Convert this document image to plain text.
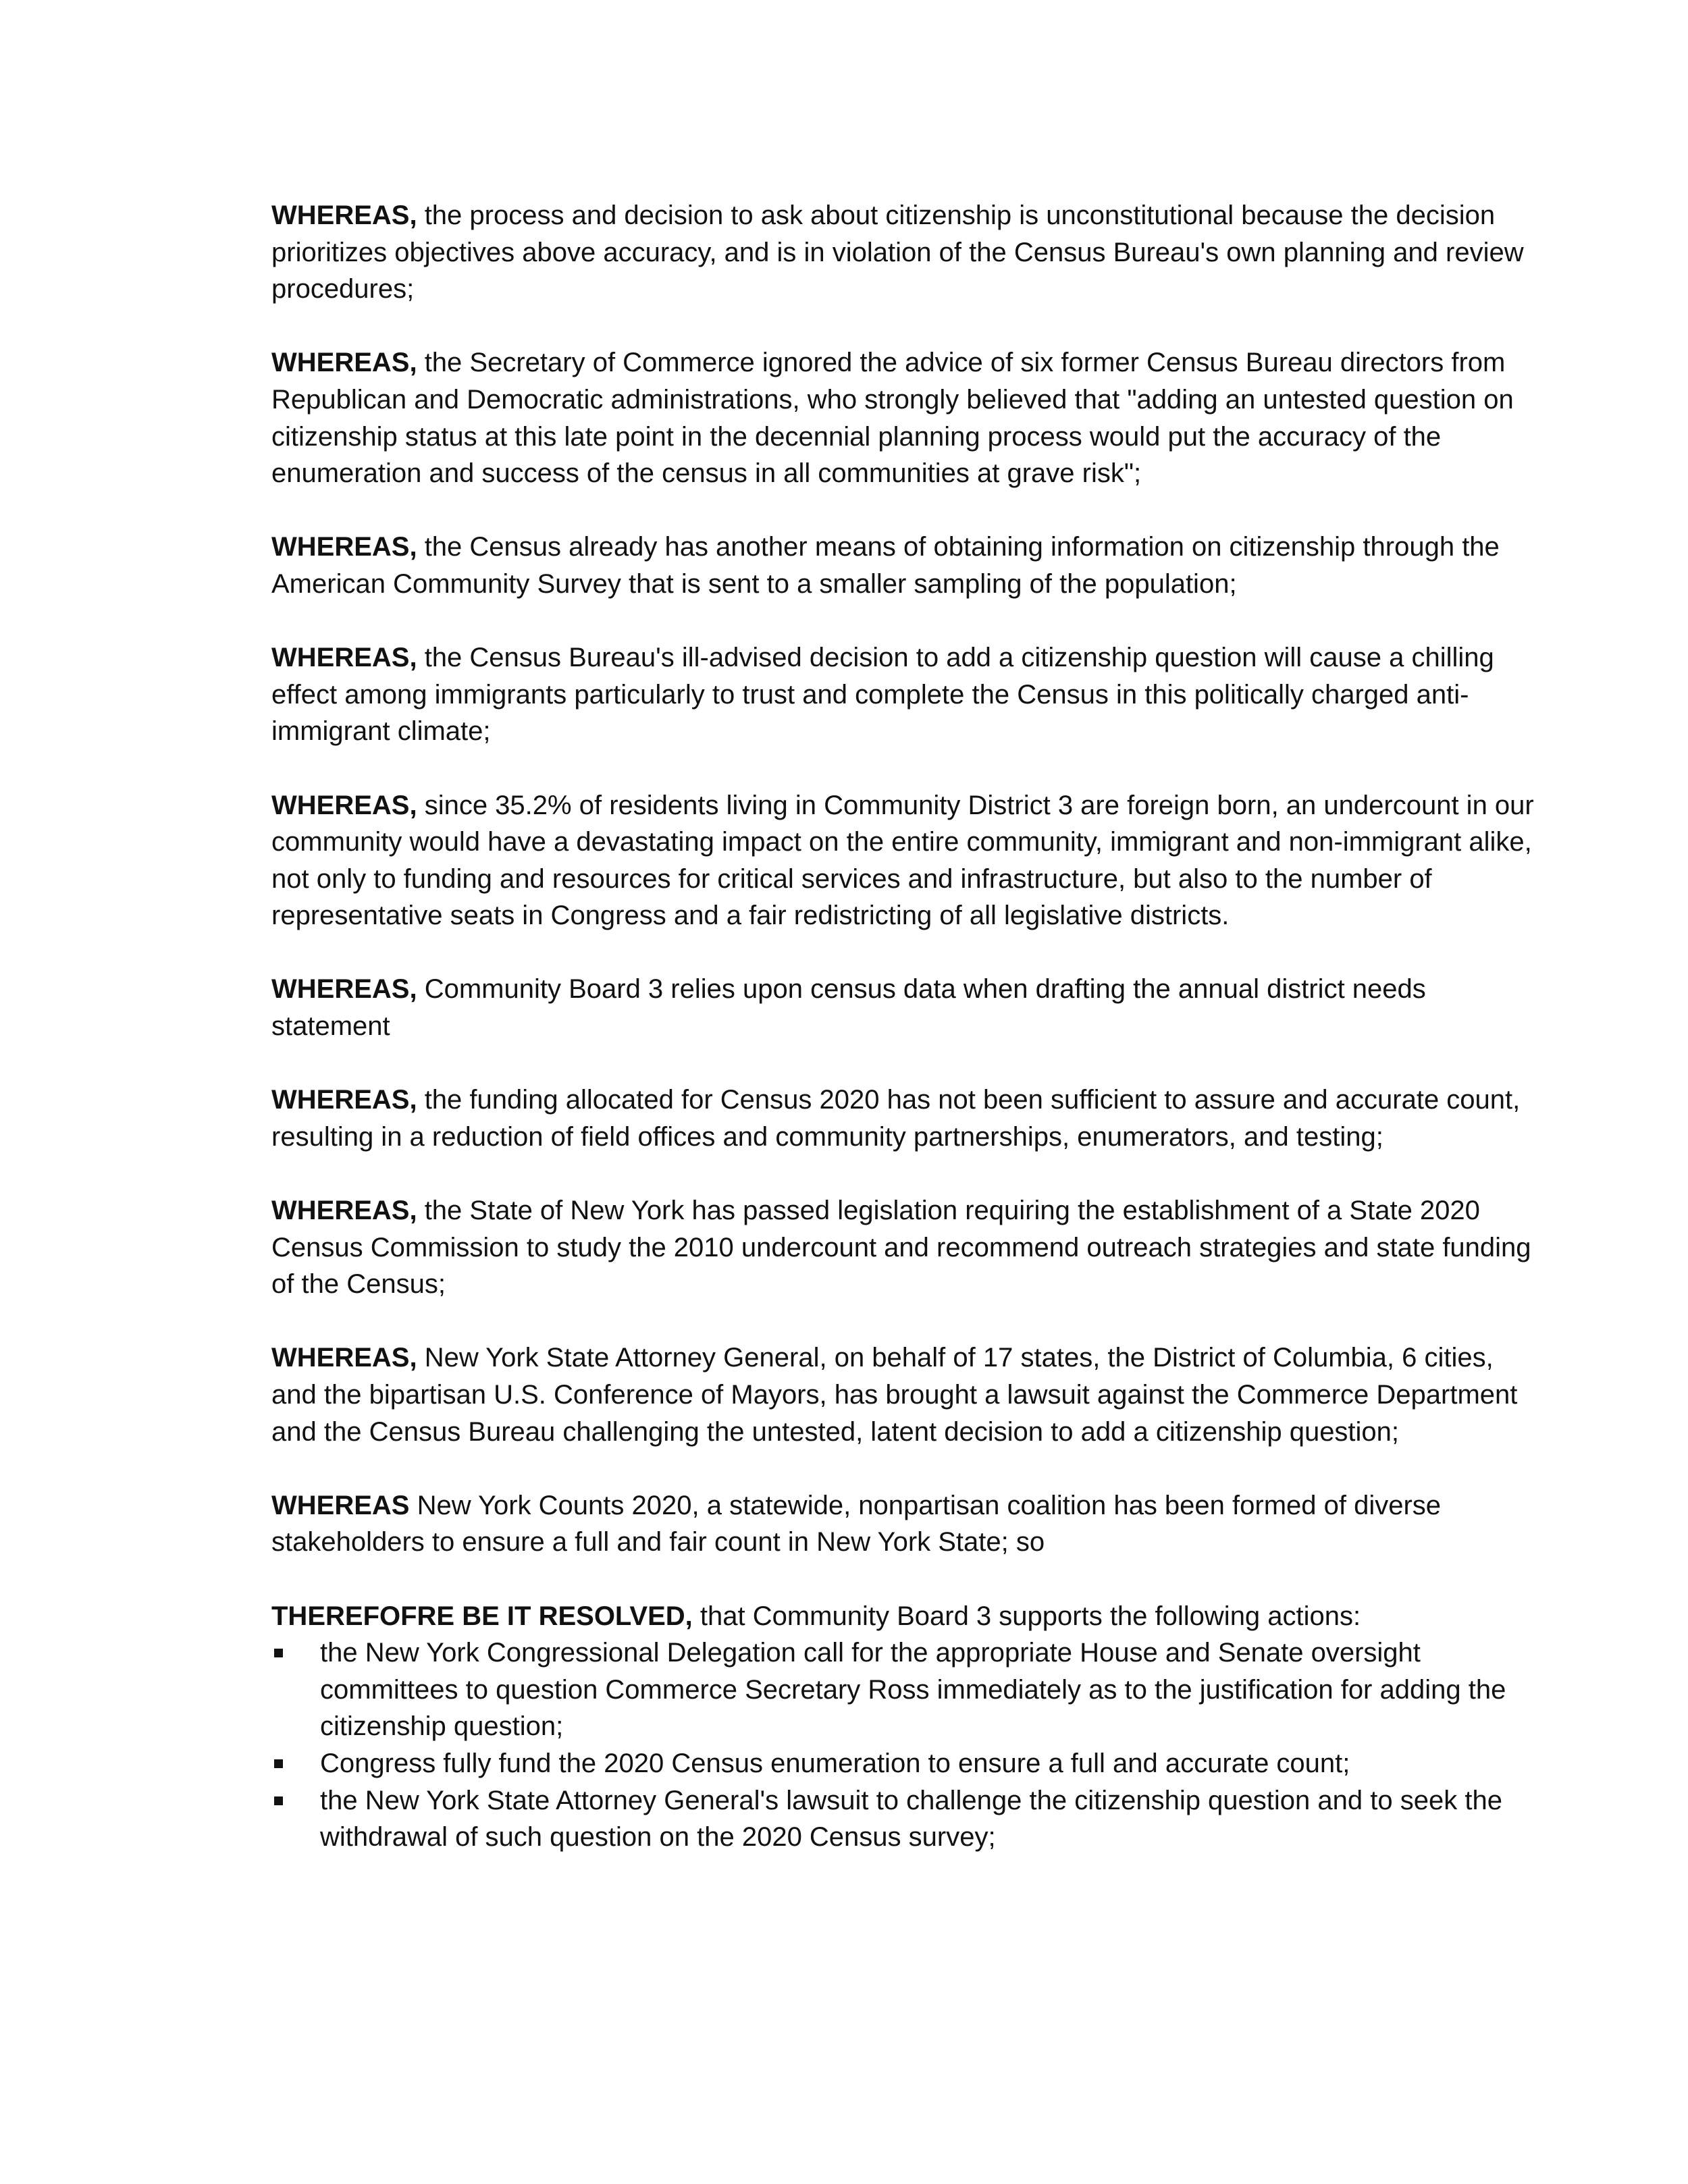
WHEREAS, the process and decision to ask about citizenship is unconstitutional because the decision prioritizes objectives above accuracy, and is in violation of the Census Bureau's own planning and review procedures;

WHEREAS, the Secretary of Commerce ignored the advice of six former Census Bureau directors from Republican and Democratic administrations, who strongly believed that "adding an untested question on citizenship status at this late point in the decennial planning process would put the accuracy of the enumeration and success of the census in all communities at grave risk";

WHEREAS, the Census already has another means of obtaining information on citizenship through the American Community Survey that is sent to a smaller sampling of the population;

WHEREAS, the Census Bureau's ill-advised decision to add a citizenship question will cause a chilling effect among immigrants particularly to trust and complete the Census in this politically charged anti-immigrant climate;

WHEREAS, since 35.2% of residents living in Community District 3 are foreign born, an undercount in our community would have a devastating impact on the entire community, immigrant and non-immigrant alike, not only to funding and resources for critical services and infrastructure, but also to the number of representative seats in Congress and a fair redistricting of all legislative districts.

WHEREAS, Community Board 3 relies upon census data when drafting the annual district needs statement

WHEREAS, the funding allocated for Census 2020 has not been sufficient to assure and accurate count, resulting in a reduction of field offices and community partnerships, enumerators, and testing;

WHEREAS, the State of New York has passed legislation requiring the establishment of a State 2020 Census Commission to study the 2010 undercount and recommend outreach strategies and state funding of the Census;

WHEREAS, New York State Attorney General, on behalf of 17 states, the District of Columbia, 6 cities, and the bipartisan U.S. Conference of Mayors, has brought a lawsuit against the Commerce Department and the Census Bureau challenging the untested, latent decision to add a citizenship question;

WHEREAS New York Counts 2020, a statewide, nonpartisan coalition has been formed of diverse stakeholders to ensure a full and fair count in New York State; so

THEREFOFRE BE IT RESOLVED, that Community Board 3 supports the following actions:

the New York Congressional Delegation call for the appropriate House and Senate oversight committees to question Commerce Secretary Ross immediately as to the justification for adding the citizenship question;
Congress fully fund the 2020 Census enumeration to ensure a full and accurate count;
the New York State Attorney General's lawsuit to challenge the citizenship question and to seek the withdrawal of such question on the 2020 Census survey;
